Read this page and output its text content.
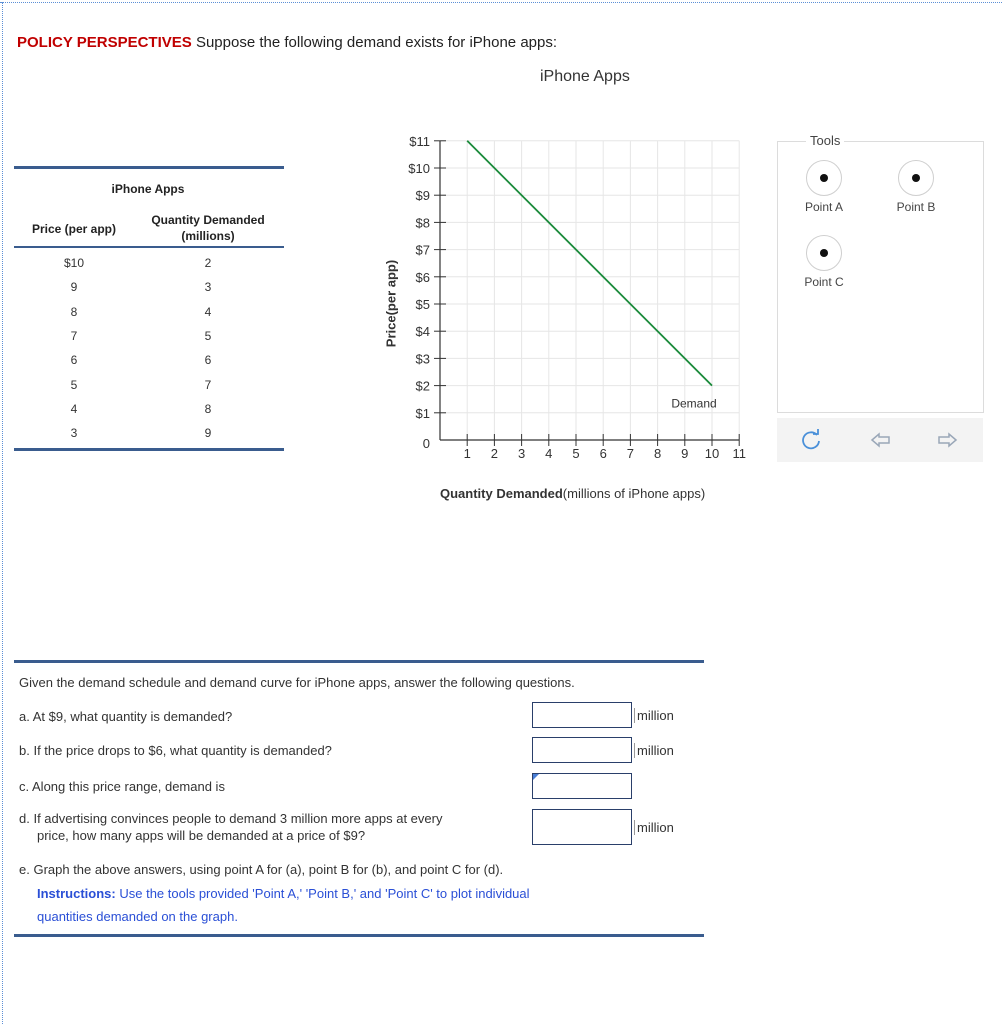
POLICY PERSPECTIVES Suppose the following demand exists for iPhone apps:
iPhone Apps
iPhone Apps
Price (per app)
Quantity Demanded
(millions)
$10	2
9	3
8	4
7	5
6	6
5	7
4	8
3	9
$1
$2
$3
$4
$5
$6
$7
$8
$9
$10
$11
1 2 3 4 5 6 7 8 9 10 11
0
Demand
Price(per app)
Quantity Demanded(millions of iPhone apps)
Tools
Point A	Point B
Point C
Given the demand schedule and demand curve for iPhone apps, answer the following questions.
a. At $9, what quantity is demanded?	million
b. If the price drops to $6, what quantity is demanded?	million
c. Along this price range, demand is
d. If advertising convinces people to demand 3 million more apps at every
price, how many apps will be demanded at a price of $9?
million
e. Graph the above answers, using point A for (a), point B for (b), and point C for (d).
Instructions: Use the tools provided 'Point A,' 'Point B,' and 'Point C' to plot individual
quantities demanded on the graph.
